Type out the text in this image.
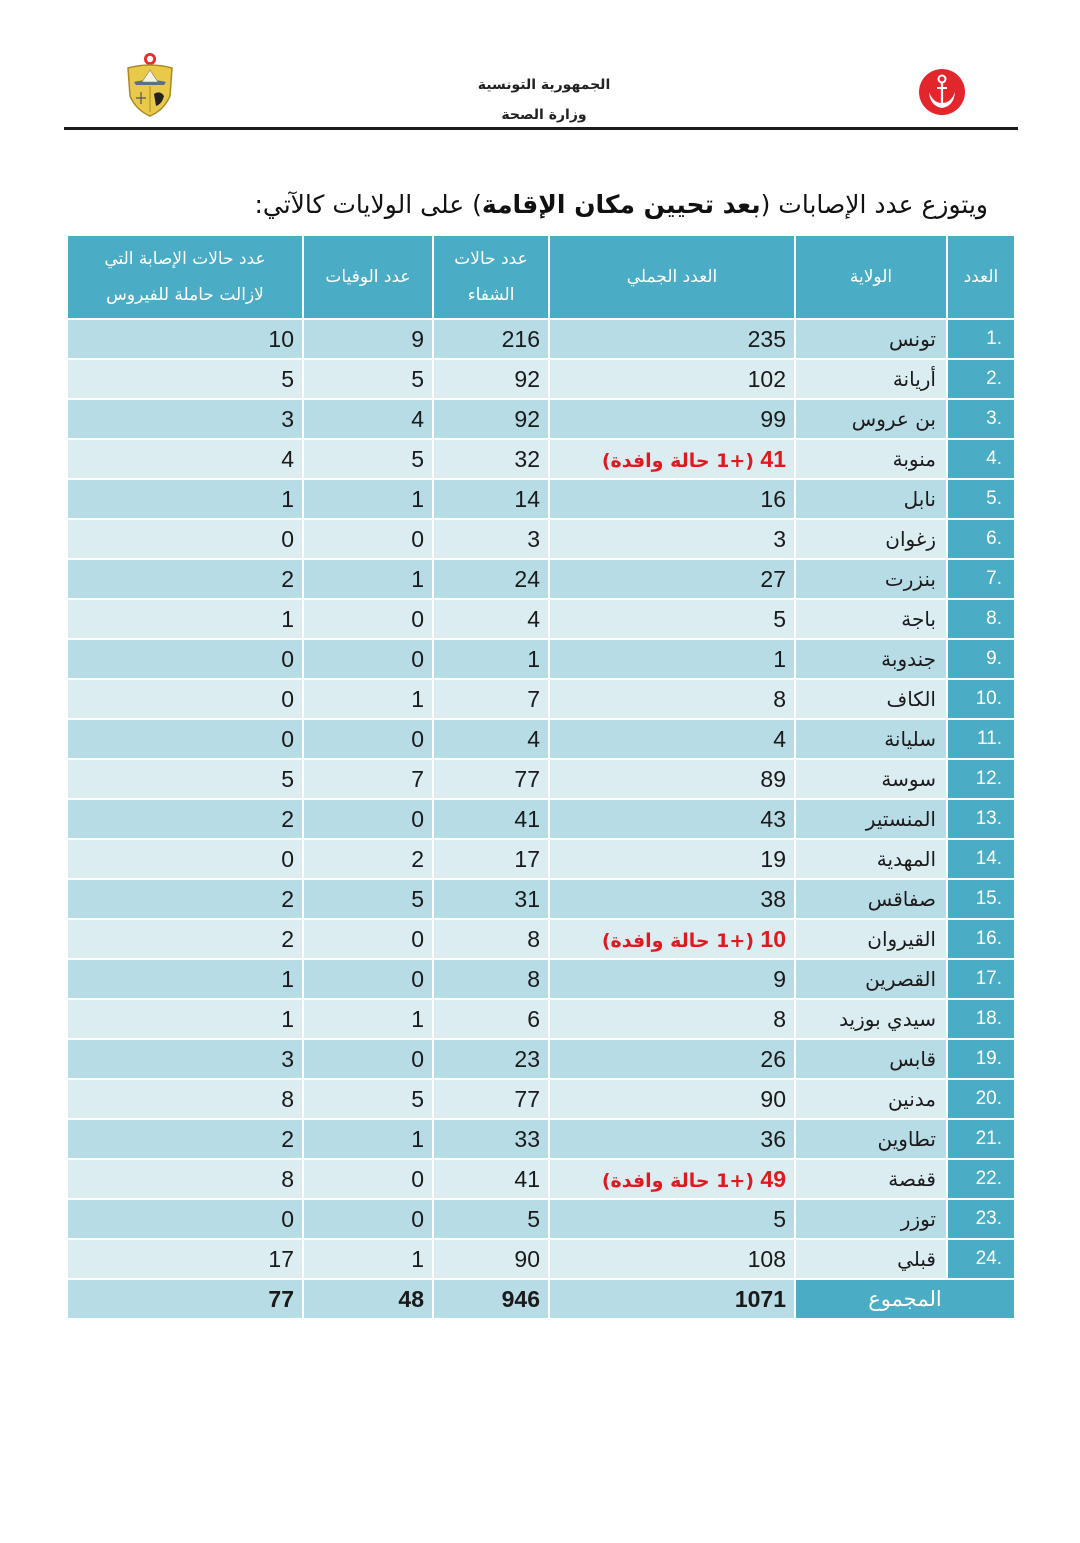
الجمهورية التونسية
وزارة الصحة
ويتوزع عدد الإصابات (بعد تحيين مكان الإقامة) على الولايات كالآتي:
العدد	الولاية	العدد الجملي	عدد حالات
الشفاء	عدد الوفيات	عدد حالات الإصابة التي
لازالت حاملة للفيروس
1.	تونس	235	216	9	10
2.	أريانة	102	92	5	5
3.	بن عروس	99	92	4	3
4.	منوبة	(+1 حالة وافدة) 41	32	5	4
5.	نابل	16	14	1	1
6.	زغوان	3	3	0	0
7.	بنزرت	27	24	1	2
8.	باجة	5	4	0	1
9.	جندوبة	1	1	0	0
10.	الكاف	8	7	1	0
11.	سليانة	4	4	0	0
12.	سوسة	89	77	7	5
13.	المنستير	43	41	0	2
14.	المهدية	19	17	2	0
15.	صفاقس	38	31	5	2
16.	القيروان	(+1 حالة وافدة) 10	8	0	2
17.	القصرين	9	8	0	1
18.	سيدي بوزيد	8	6	1	1
19.	قابس	26	23	0	3
20.	مدنين	90	77	5	8
21.	تطاوين	36	33	1	2
22.	قفصة	(+1 حالة وافدة) 49	41	0	8
23.	توزر	5	5	0	0
24.	قبلي	108	90	1	17
المجموع		1071	946	48	77
